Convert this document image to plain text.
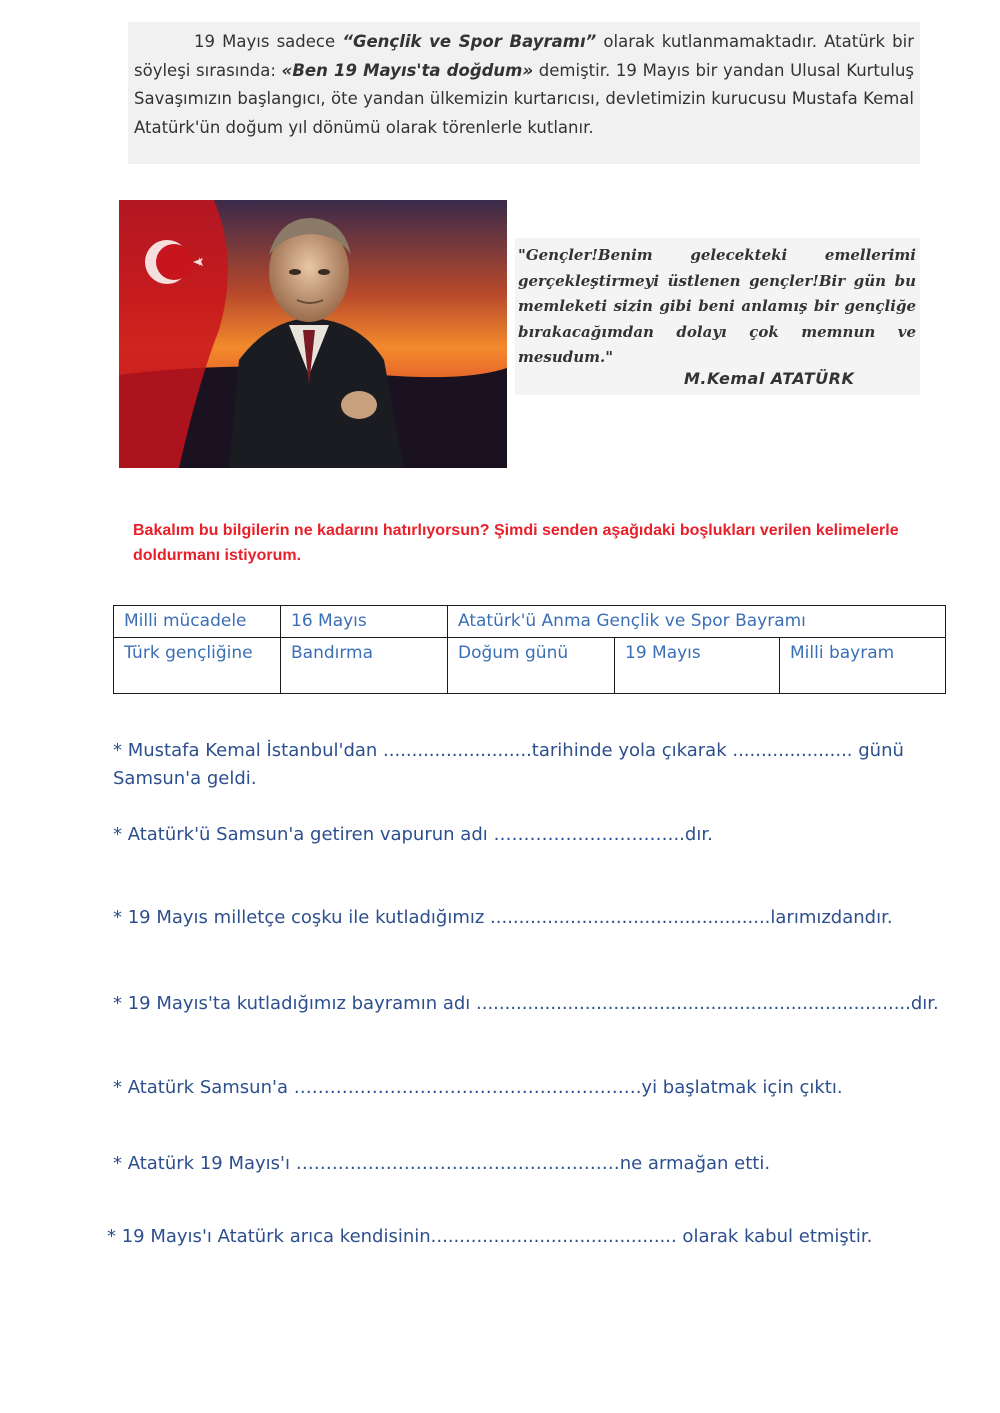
19 Mayıs sadece “Gençlik ve Spor Bayramı” olarak kutlanmamaktadır. Atatürk bir söyleşi sırasında: «Ben 19 Mayıs'ta doğdum» demiştir. 19 Mayıs bir yandan Ulusal Kurtuluş Savaşımızın başlangıcı, öte yandan ülkemizin kurtarıcısı, devletimizin kurucusu Mustafa Kemal Atatürk'ün doğum yıl dönümü olarak törenlerle kutlanır.
"Gençler!Benim gelecekteki emellerimi gerçekleştirmeyi üstlenen gençler!Bir gün bu memleketi sizin gibi beni anlamış bir gençliğe bırakacağımdan dolayı çok memnun ve mesudum."
M.Kemal ATATÜRK
Bakalım bu bilgilerin ne kadarını hatırlıyorsun? Şimdi senden aşağıdaki boşlukları verilen kelimelerle doldurmanı istiyorum.
Milli mücadele	16 Mayıs	Atatürk'ü Anma Gençlik ve Spor Bayramı		
Türk gençliğine	Bandırma	Doğum günü	19 Mayıs	Milli bayram
* Mustafa Kemal İstanbul'dan ..........................tarihinde yola çıkarak ..................... günü Samsun'a geldi.
* Atatürk'ü Samsun'a getiren vapurun adı …………………………..dır.
* 19 Mayıs milletçe coşku ile kutladığımız .................................................larımızdandır.
* 19 Mayıs'ta kutladığımız bayramın adı ............................................................................dır.
* Atatürk Samsun'a ………………………………………………….yi başlatmak için çıktı.
* Atatürk 19 Mayıs'ı ………………………………………………ne armağan etti.
* 19 Mayıs'ı Atatürk arıca kendisinin........................................... olarak kabul etmiştir.
